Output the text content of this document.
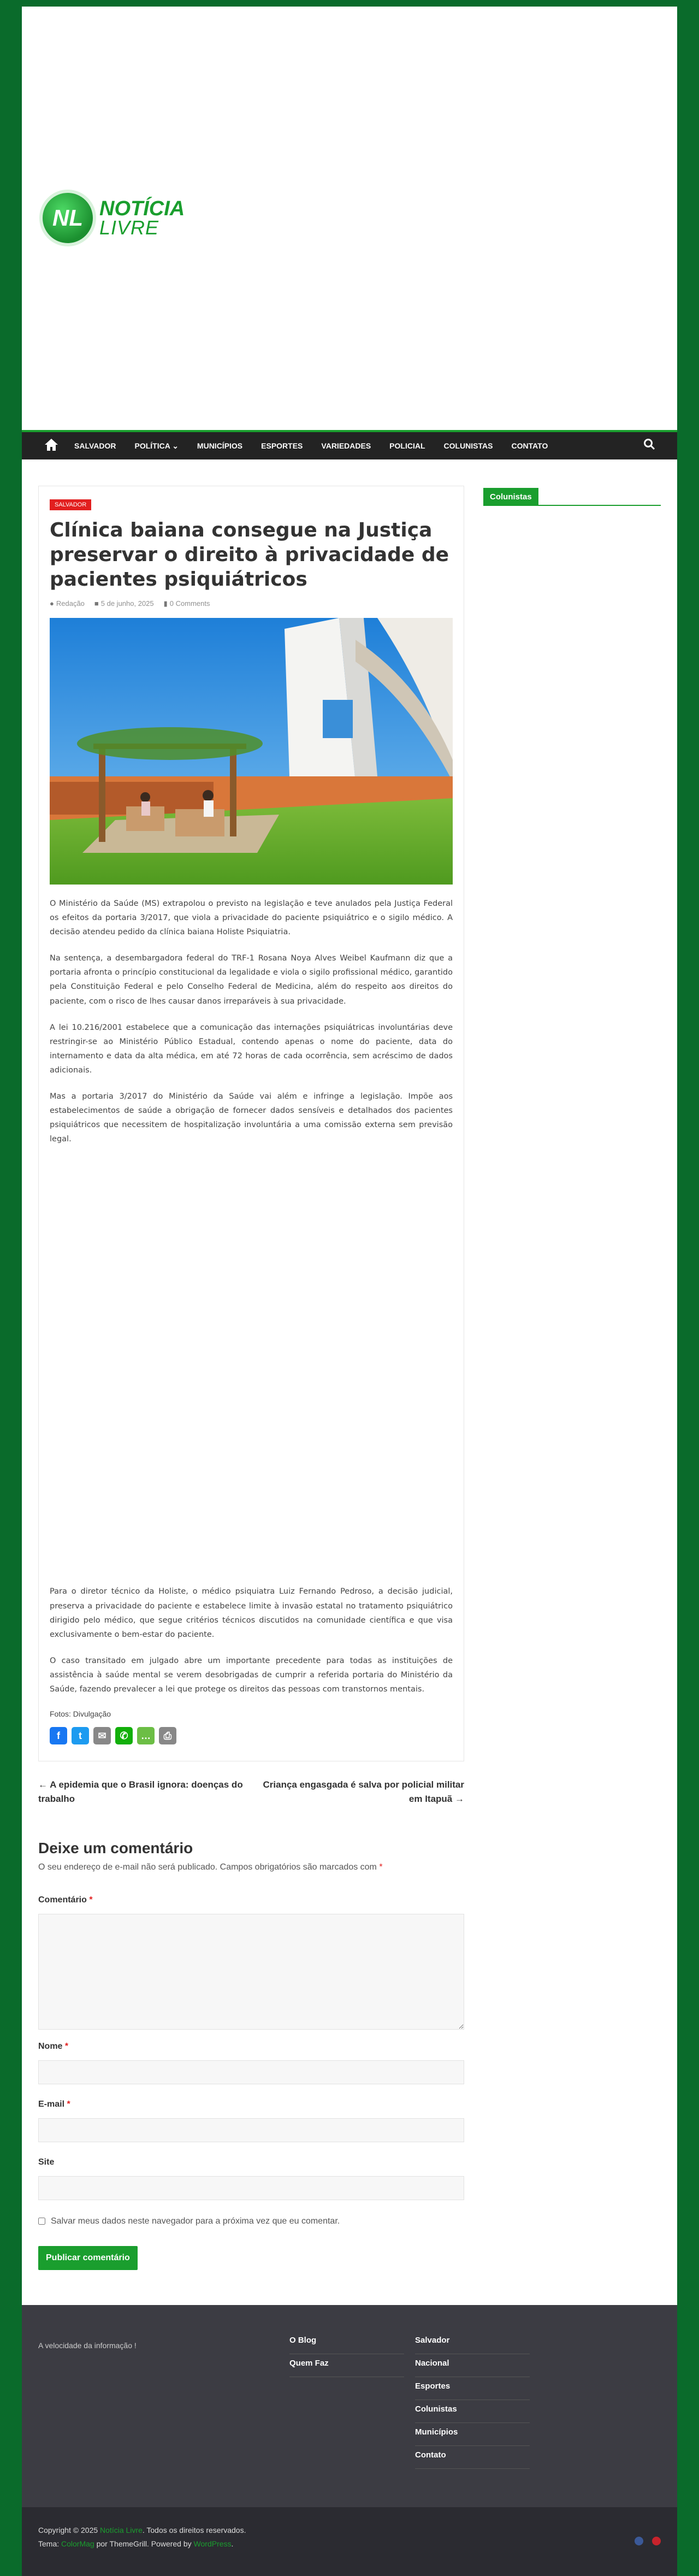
NL NOTÍCIA
LIVRE
SALVADOR POLÍTICA ⌄ MUNICÍPIOS ESPORTES VARIEDADES POLICIAL COLUNISTAS CONTATO
SALVADOR
Clínica baiana consegue na Justiça preservar o direito à privacidade de pacientes psiquiátricos
● Redação ■ 5 de junho, 2025 ▮ 0 Comments

O Ministério da Saúde (MS) extrapolou o previsto na legislação e teve anulados pela Justiça Federal os efeitos da portaria 3/2017, que viola a privacidade do paciente psiquiátrico e o sigilo médico. A decisão atendeu pedido da clínica baiana Holiste Psiquiatria.

Na sentença, a desembargadora federal do TRF-1 Rosana Noya Alves Weibel Kaufmann diz que a portaria afronta o princípio constitucional da legalidade e viola o sigilo profissional médico, garantido pela Constituição Federal e pelo Conselho Federal de Medicina, além do respeito aos direitos do paciente, com o risco de lhes causar danos irreparáveis à sua privacidade.

A lei 10.216/2001 estabelece que a comunicação das internações psiquiátricas involuntárias deve restringir-se ao Ministério Público Estadual, contendo apenas o nome do paciente, data do internamento e data da alta médica, em até 72 horas de cada ocorrência, sem acréscimo de dados adicionais.

Mas a portaria 3/2017 do Ministério da Saúde vai além e infringe a legislação. Impõe aos estabelecimentos de saúde a obrigação de fornecer dados sensíveis e detalhados dos pacientes psiquiátricos que necessitem de hospitalização involuntária a uma comissão externa sem previsão legal.

Para o diretor técnico da Holiste, o médico psiquiatra Luiz Fernando Pedroso, a decisão judicial, preserva a privacidade do paciente e estabelece limite à invasão estatal no tratamento psiquiátrico dirigido pelo médico, que segue critérios técnicos discutidos na comunidade científica e que visa exclusivamente o bem-estar do paciente.

O caso transitado em julgado abre um importante precedente para todas as instituições de assistência à saúde mental se verem desobrigadas de cumprir a referida portaria do Ministério da Saúde, fazendo prevalecer a lei que protege os direitos das pessoas com transtornos mentais.

Fotos: Divulgação

f	t	✉	✆	…	⎙
← A epidemia que o Brasil ignora: doenças do trabalho
Criança engasgada é salva por policial militar em Itapuã →
Deixe um comentário

O seu endereço de e-mail não será publicado. Campos obrigatórios são marcados com *

Comentário *
Nome *
E-mail *
Site
Salvar meus dados neste navegador para a próxima vez que eu comentar.
Publicar comentário
Colunistas
A velocidade da informação !
O Blog
Quem Faz
Salvador
Nacional
Esportes
Colunistas
Municípios
Contato
Copyright © 2025 Notícia Livre. Todos os direitos reservados.
Tema: ColorMag por ThemeGrill. Powered by WordPress.
